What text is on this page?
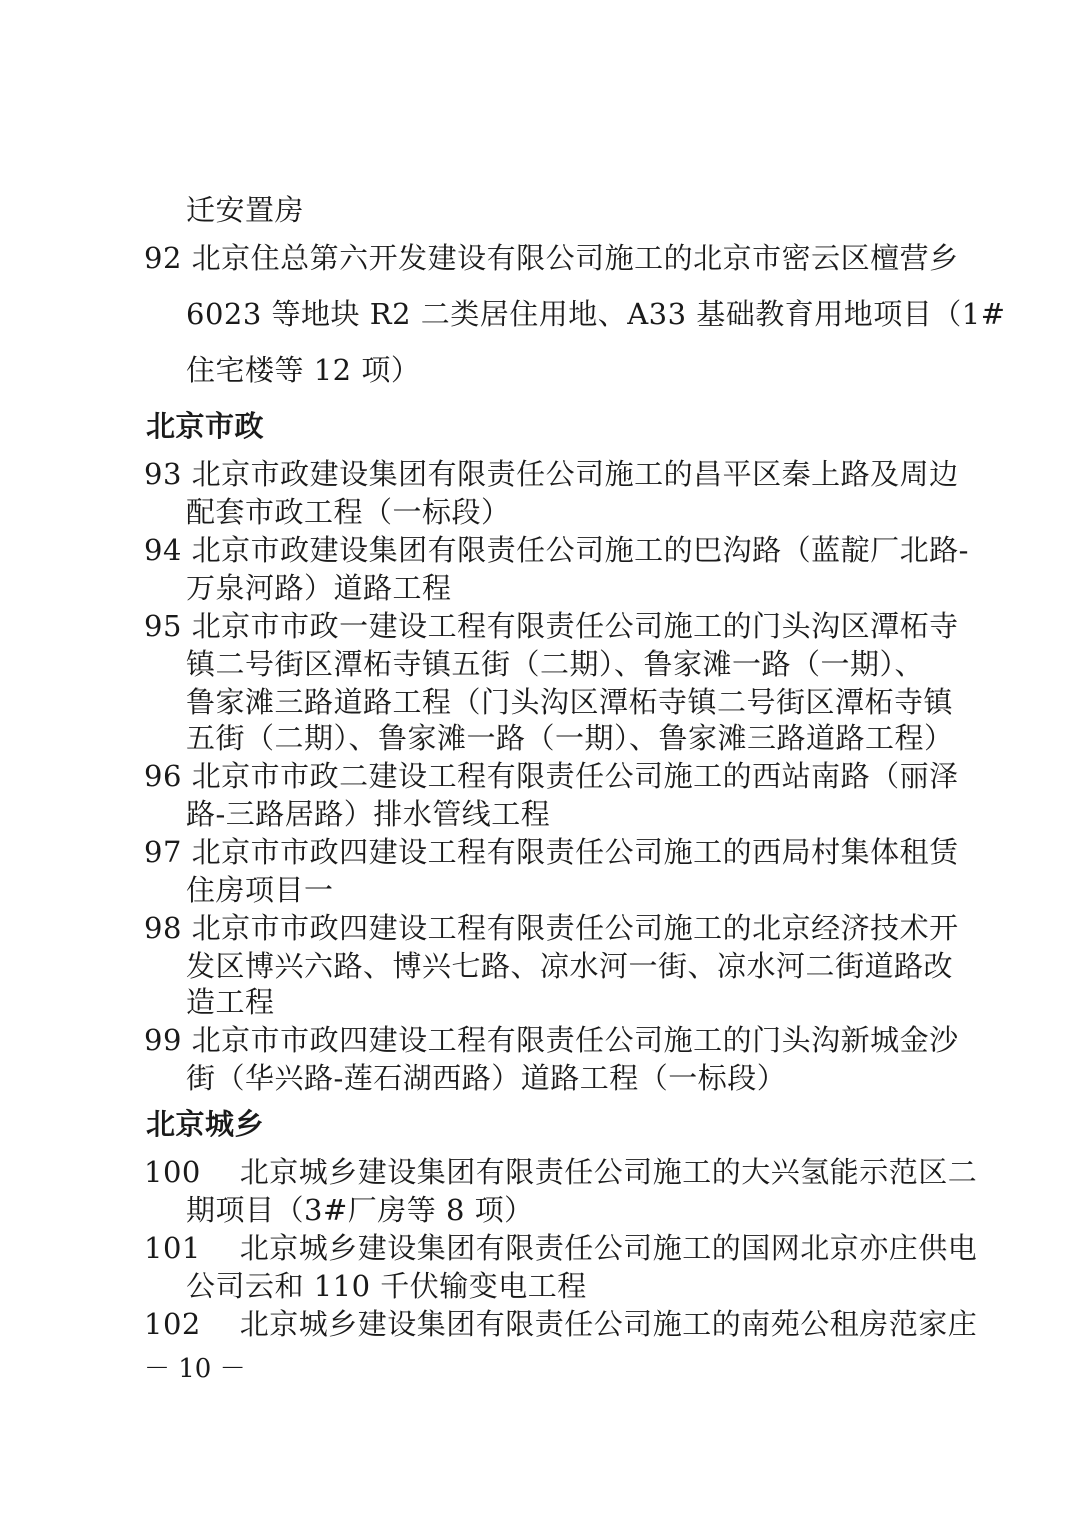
迁安置房
92 北京住总第六开发建设有限公司施工的北京市密云区檀营乡
6023 等地块 R2 二类居住用地、A33 基础教育用地项目（1#
住宅楼等 12 项）
北京市政
93 北京市政建设集团有限责任公司施工的昌平区秦上路及周边
配套市政工程（一标段）
94 北京市政建设集团有限责任公司施工的巴沟路（蓝靛厂北路-
万泉河路）道路工程
95 北京市市政一建设工程有限责任公司施工的门头沟区潭柘寺
镇二号街区潭柘寺镇五街（二期）、鲁家滩一路（一期）、
鲁家滩三路道路工程（门头沟区潭柘寺镇二号街区潭柘寺镇
五街（二期）、鲁家滩一路（一期）、鲁家滩三路道路工程）
96 北京市市政二建设工程有限责任公司施工的西站南路（丽泽
路-三路居路）排水管线工程
97 北京市市政四建设工程有限责任公司施工的西局村集体租赁
住房项目一
98 北京市市政四建设工程有限责任公司施工的北京经济技术开
发区博兴六路、博兴七路、凉水河一街、凉水河二街道路改
造工程
99 北京市市政四建设工程有限责任公司施工的门头沟新城金沙
街（华兴路-莲石湖西路）道路工程（一标段）
北京城乡
100    北京城乡建设集团有限责任公司施工的大兴氢能示范区二
期项目（3#厂房等 8 项）
101    北京城乡建设集团有限责任公司施工的国网北京亦庄供电
公司云和 110 千伏输变电工程
102    北京城乡建设集团有限责任公司施工的南苑公租房范家庄
－ 10 －
